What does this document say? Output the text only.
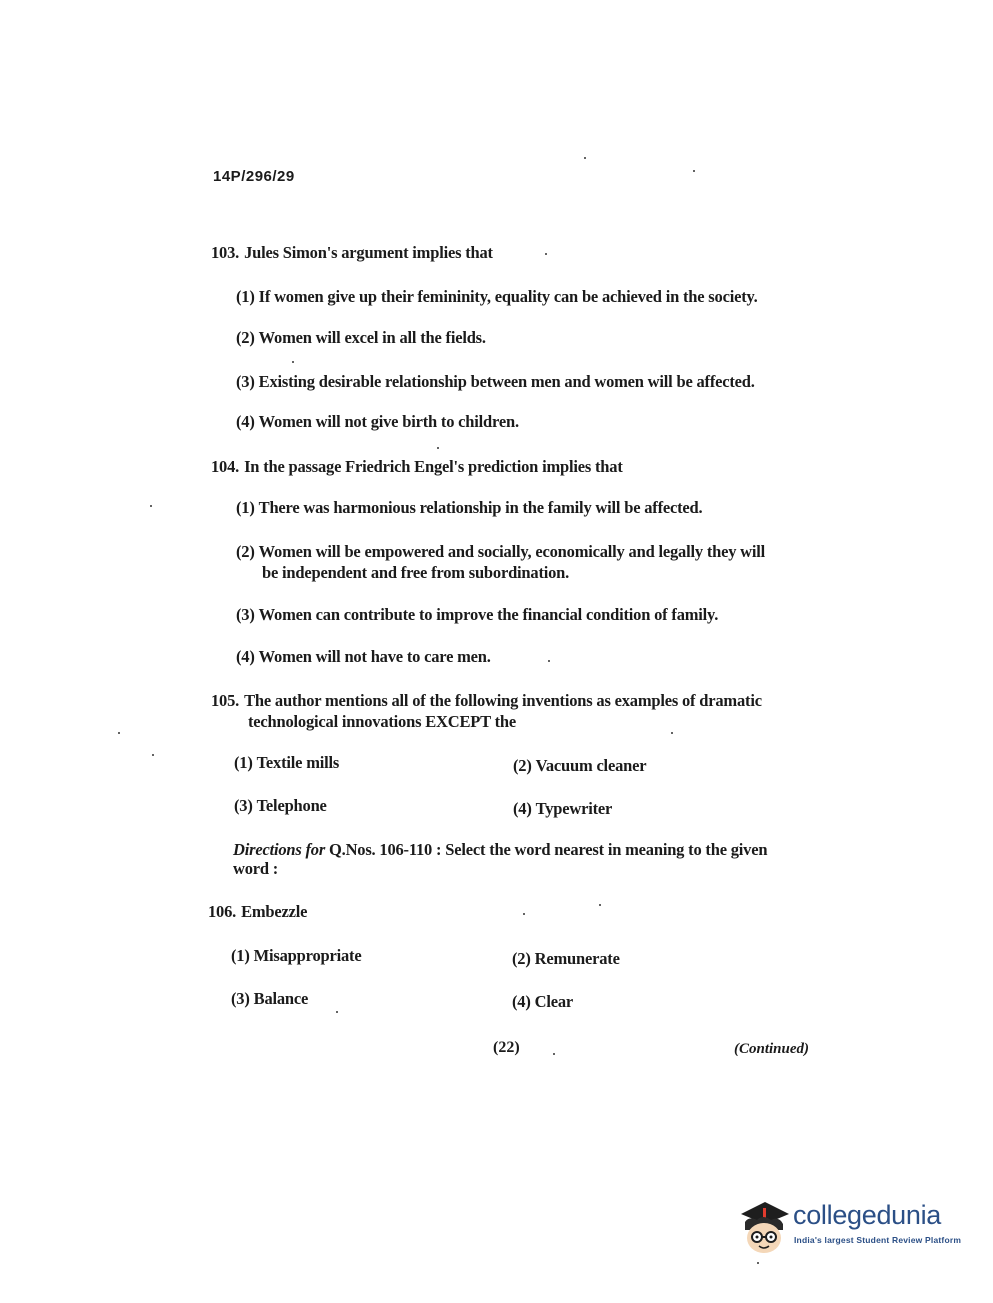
14P/296/29
103. Jules Simon's argument implies that
(1) If women give up their femininity, equality can be achieved in the society.
(2) Women will excel in all the fields.
(3) Existing desirable relationship between men and women will be affected.
(4) Women will not give birth to children.
104. In the passage Friedrich Engel's prediction implies that
(1) There was harmonious relationship in the family will be affected.
(2) Women will be empowered and socially, economically and legally they will
be independent and free from subordination.
(3) Women can contribute to improve the financial condition of family.
(4) Women will not have to care men.
105. The author mentions all of the following inventions as examples of dramatic
technological innovations EXCEPT the
(1) Textile mills	(2) Vacuum cleaner
(3) Telephone	(4) Typewriter
Directions for Q.Nos. 106-110 : Select the word nearest in meaning to the given
word :
106. Embezzle
(1) Misappropriate	(2) Remunerate
(3) Balance	(4) Clear
(22)	(Continued)
collegedunia
India's largest Student Review Platform
